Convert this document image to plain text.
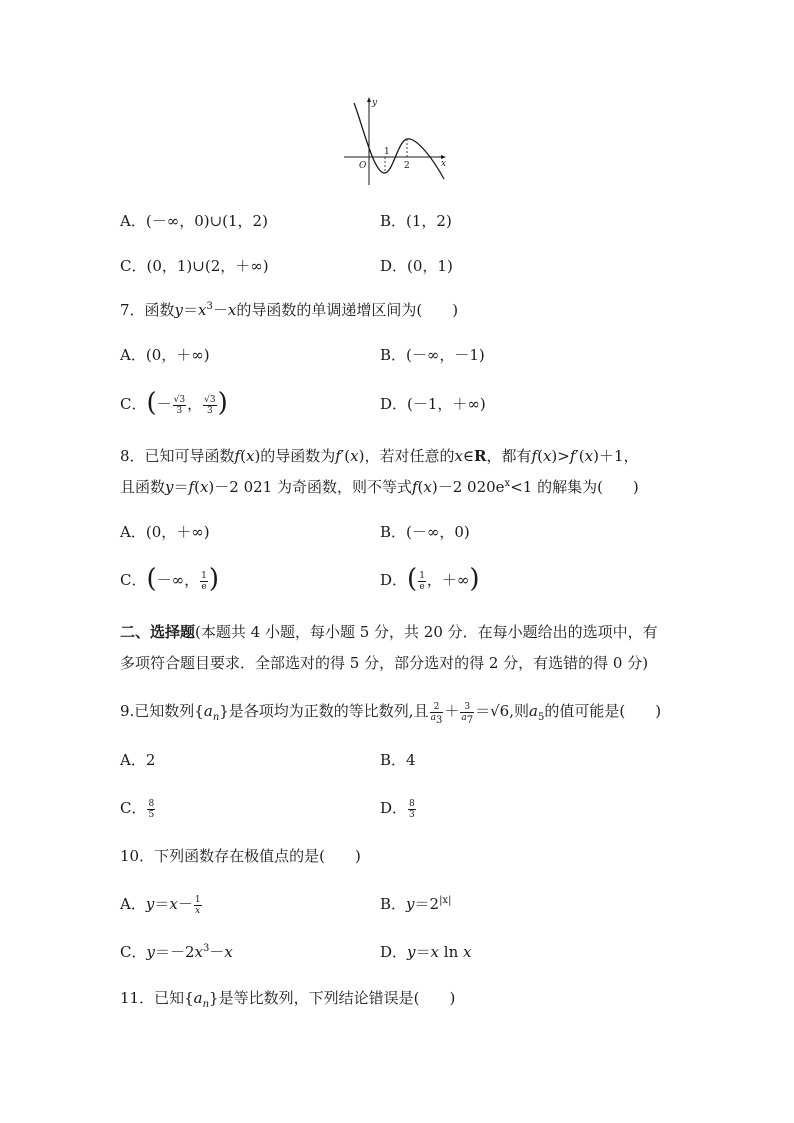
y
x
O
1
2
A．(－∞，0)∪(1，2)	B．(1，2)
C．(0，1)∪(2，＋∞)	D．(0，1)
7．函数$y=x^3-x$的导函数的单调递增区间为(　　)
A．(0，＋∞)	B．(－∞，－1)
C．(－ $\frac{√3}{3}$ ， $\frac{√3}{3}$ )	D．(－1，＋∞)
8．已知可导函数f(x)的导函数为f′(x)，若对任意的x∈R，都有f(x)>f′(x)＋1，
且函数y＝f(x)－2 021 为奇函数，则不等式f(x)－2 $020e^x<1$ 的解集为(　　)
A．(0，＋∞)	B．(－∞，0)
C．(－∞， $\frac{1}{e}$ )	D．( $\frac{1}{e}$ ，＋∞)
二、选择题(本题共 4 小题，每小题 5 分，共 20 分．在每小题给出的选项中，有
多项符合题目要求．全部选对的得 5 分，部分选对的得 2 分，有选错的得 0 分)
9.已知数列$\{a_n\}$是各项均为正数的等比数列,且 $\frac{2}{a_3} + \frac{3}{a_7} =√6$,则$a_5$的值可能是(　　)
A．2	B．4
C． $\frac{8}{5}$	D． $\frac{8}{3}$
10．下列函数存在极值点的是(　　)
A．$y=x- \frac{1}{x}$	B．$y=2^{|x|}$
C．$y=-2x^3-x$	D．y＝x ln x
11．已知$\{a_n\}$是等比数列，下列结论错误是(　　)
